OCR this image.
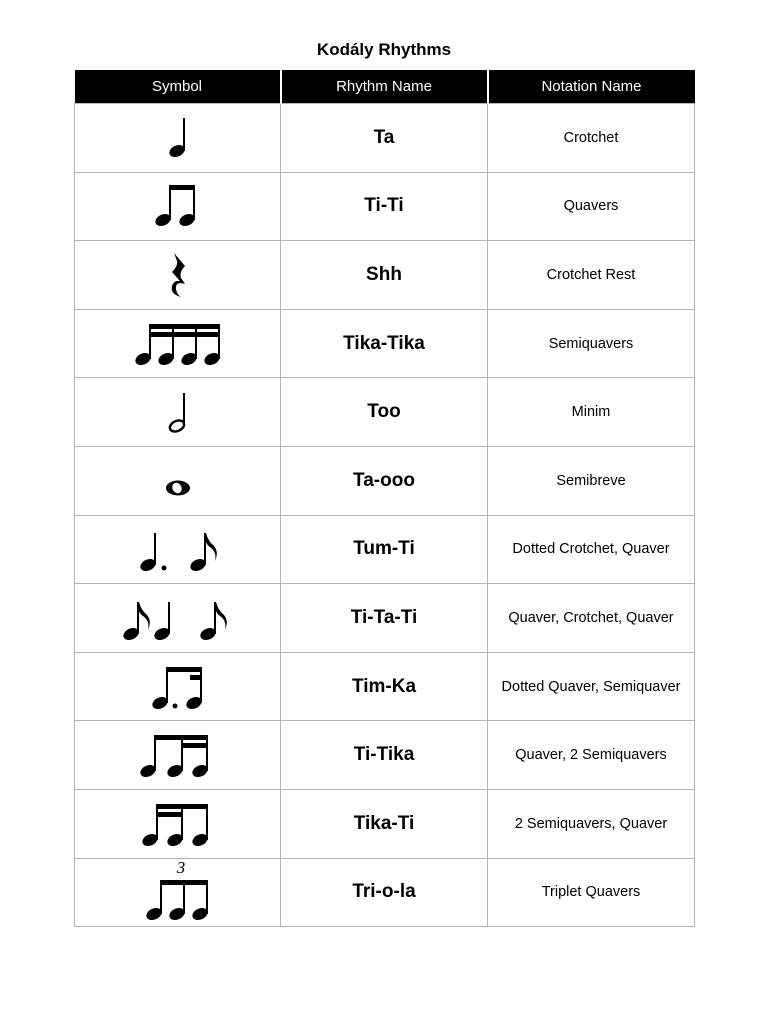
Kodály Rhythms
Symbol	Rhythm Name	Notation Name

	Ta	Crotchet

	Ti-Ti	Quavers

	Shh	Crotchet Rest

	Tika-Tika	Semiquavers

	Too	Minim

	Ta-ooo	Semibreve

	Tum-Ti	Dotted Crotchet, Quaver

	Ti-Ta-Ti	Quaver, Crotchet, Quaver

	Tim-Ka	Dotted Quaver, Semiquaver

	Ti-Tika	Quaver, 2 Semiquavers

	Tika-Ti	2 Semiquavers, Quaver

3	Tri-o-la	Triplet Quavers
